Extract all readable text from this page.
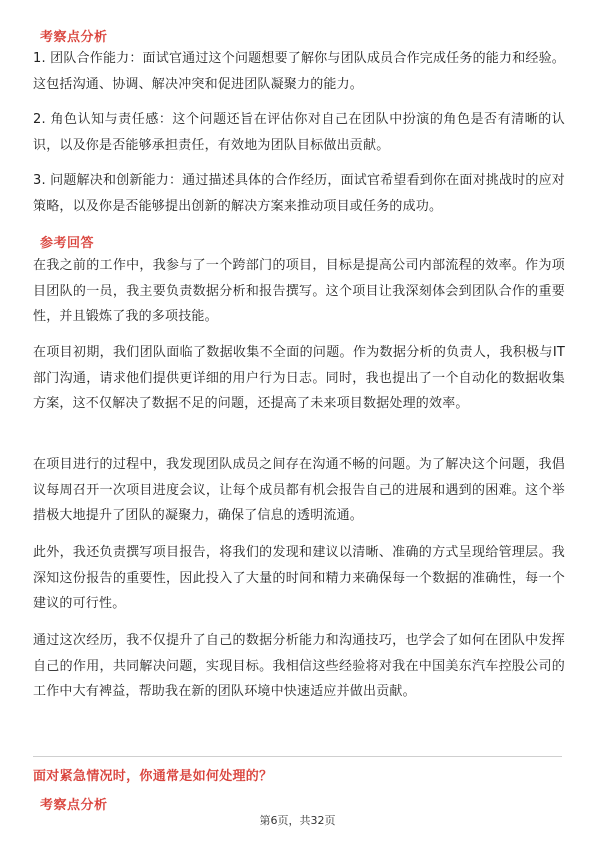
考察点分析
1. 团队合作能力：面试官通过这个问题想要了解你与团队成员合作完成任务的能力和经验。这包括沟通、协调、解决冲突和促进团队凝聚力的能力。
2. 角色认知与责任感：这个问题还旨在评估你对自己在团队中扮演的角色是否有清晰的认识，以及你是否能够承担责任，有效地为团队目标做出贡献。
3. 问题解决和创新能力：通过描述具体的合作经历，面试官希望看到你在面对挑战时的应对策略，以及你是否能够提出创新的解决方案来推动项目或任务的成功。
参考回答
在我之前的工作中，我参与了一个跨部门的项目，目标是提高公司内部流程的效率。作为项目团队的一员，我主要负责数据分析和报告撰写。这个项目让我深刻体会到团队合作的重要性，并且锻炼了我的多项技能。
在项目初期，我们团队面临了数据收集不全面的问题。作为数据分析的负责人，我积极与IT部门沟通，请求他们提供更详细的用户行为日志。同时，我也提出了一个自动化的数据收集方案，这不仅解决了数据不足的问题，还提高了未来项目数据处理的效率。
在项目进行的过程中，我发现团队成员之间存在沟通不畅的问题。为了解决这个问题，我倡议每周召开一次项目进度会议，让每个成员都有机会报告自己的进展和遇到的困难。这个举措极大地提升了团队的凝聚力，确保了信息的透明流通。
此外，我还负责撰写项目报告，将我们的发现和建议以清晰、准确的方式呈现给管理层。我深知这份报告的重要性，因此投入了大量的时间和精力来确保每一个数据的准确性，每一个建议的可行性。
通过这次经历，我不仅提升了自己的数据分析能力和沟通技巧，也学会了如何在团队中发挥自己的作用，共同解决问题，实现目标。我相信这些经验将对我在中国美东汽车控股公司的工作中大有裨益，帮助我在新的团队环境中快速适应并做出贡献。
面对紧急情况时，你通常是如何处理的？
考察点分析
第6页，共32页
